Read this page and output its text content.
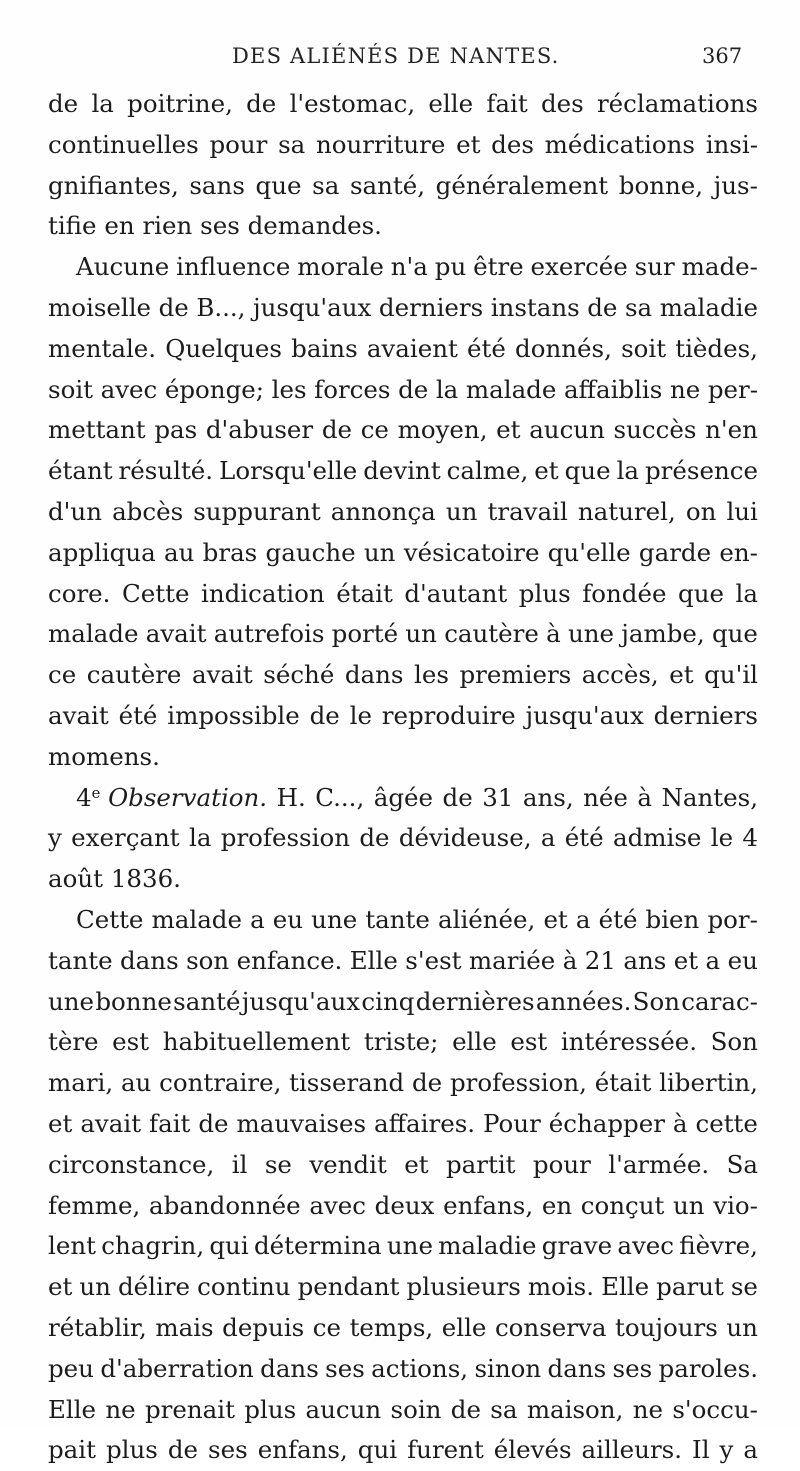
DES ALIÉNÉS DE NANTES.	367
de la poitrine, de l'estomac, elle fait des réclamations
continuelles pour sa nourriture et des médications insi-
gnifiantes, sans que sa santé, généralement bonne, jus-
tifie en rien ses demandes.
Aucune influence morale n'a pu être exercée sur made-
moiselle de B..., jusqu'aux derniers instans de sa maladie
mentale. Quelques bains avaient été donnés, soit tièdes,
soit avec éponge; les forces de la malade affaiblis ne per-
mettant pas d'abuser de ce moyen, et aucun succès n'en
étant résulté. Lorsqu'elle devint calme, et que la présence
d'un abcès suppurant annonça un travail naturel, on lui
appliqua au bras gauche un vésicatoire qu'elle garde en-
core. Cette indication était d'autant plus fondée que la
malade avait autrefois porté un cautère à une jambe, que
ce cautère avait séché dans les premiers accès, et qu'il
avait été impossible de le reproduire jusqu'aux derniers
momens.
4e Observation. H. C..., âgée de 31 ans, née à Nantes,
y exerçant la profession de dévideuse, a été admise le 4
août 1836.
Cette malade a eu une tante aliénée, et a été bien por-
tante dans son enfance. Elle s'est mariée à 21 ans et a eu
une bonne santé jusqu'aux cinq dernières années. Son carac-
tère est habituellement triste; elle est intéressée. Son
mari, au contraire, tisserand de profession, était libertin,
et avait fait de mauvaises affaires. Pour échapper à cette
circonstance, il se vendit et partit pour l'armée. Sa
femme, abandonnée avec deux enfans, en conçut un vio-
lent chagrin, qui détermina une maladie grave avec fièvre,
et un délire continu pendant plusieurs mois. Elle parut se
rétablir, mais depuis ce temps, elle conserva toujours un
peu d'aberration dans ses actions, sinon dans ses paroles.
Elle ne prenait plus aucun soin de sa maison, ne s'occu-
pait plus de ses enfans, qui furent élevés ailleurs. Il y a
